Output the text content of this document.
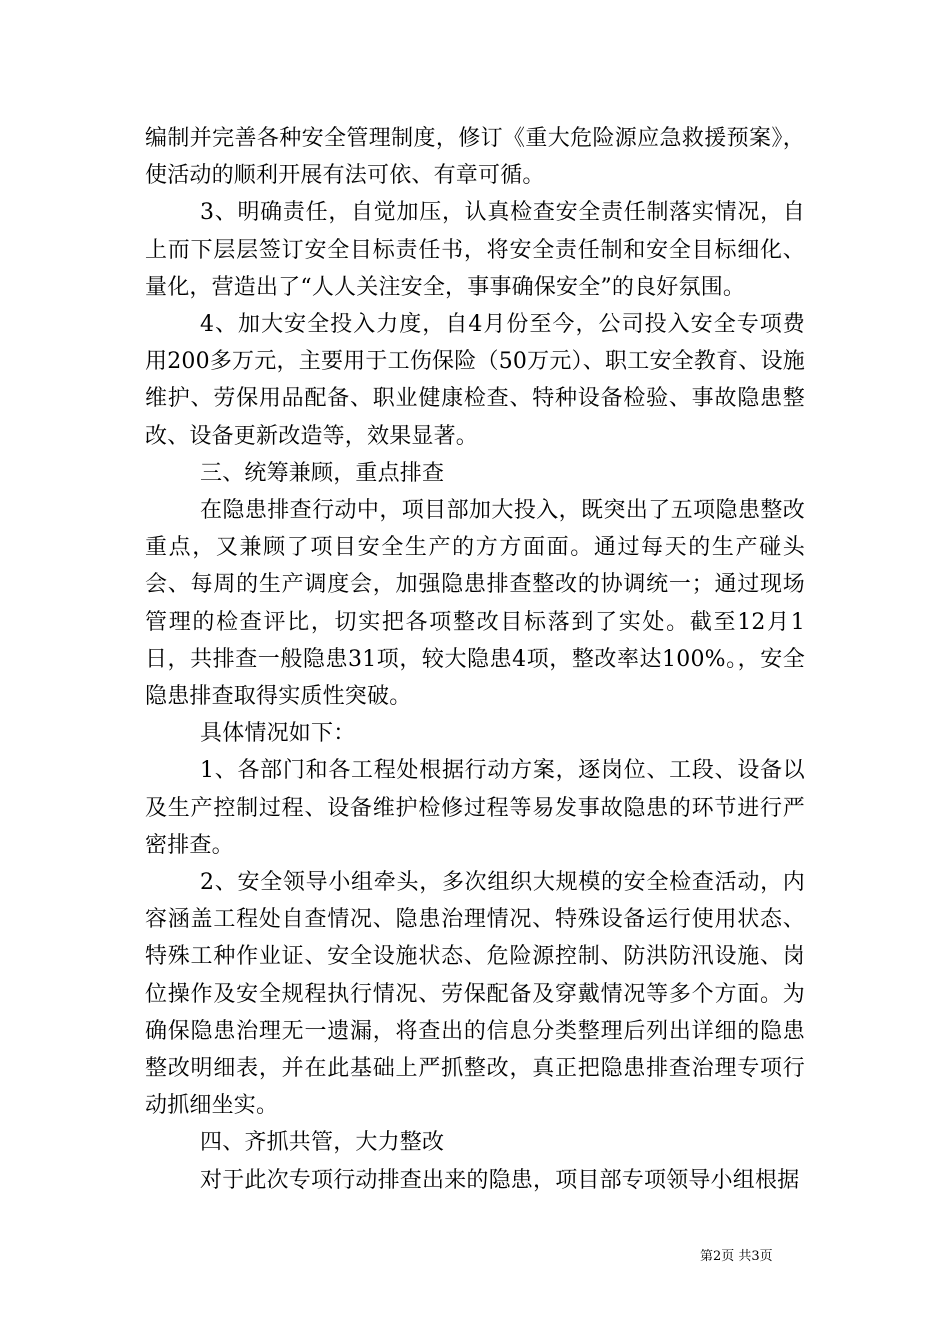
编制并完善各种安全管理制度，修订《重大危险源应急救援预案》，使活动的顺利开展有法可依、有章可循。

3、明确责任，自觉加压，认真检查安全责任制落实情况，自上而下层层签订安全目标责任书，将安全责任制和安全目标细化、量化，营造出了“人人关注安全，事事确保安全”的良好氛围。

4、加大安全投入力度，自4月份至今，公司投入安全专项费用200多万元，主要用于工伤保险（50万元）、职工安全教育、设施维护、劳保用品配备、职业健康检查、特种设备检验、事故隐患整改、设备更新改造等，效果显著。

三、统筹兼顾，重点排查

在隐患排查行动中，项目部加大投入，既突出了五项隐患整改重点，又兼顾了项目安全生产的方方面面。通过每天的生产碰头会、每周的生产调度会，加强隐患排查整改的协调统一；通过现场管理的检查评比，切实把各项整改目标落到了实处。截至12月1日，共排查一般隐患31项，较大隐患4项，整改率达100%。，安全隐患排查取得实质性突破。

具体情况如下：

1、各部门和各工程处根据行动方案，逐岗位、工段、设备以及生产控制过程、设备维护检修过程等易发事故隐患的环节进行严密排查。

2、安全领导小组牵头，多次组织大规模的安全检查活动，内容涵盖工程处自查情况、隐患治理情况、特殊设备运行使用状态、特殊工种作业证、安全设施状态、危险源控制、防洪防汛设施、岗位操作及安全规程执行情况、劳保配备及穿戴情况等多个方面。为确保隐患治理无一遗漏，将查出的信息分类整理后列出详细的隐患整改明细表，并在此基础上严抓整改，真正把隐患排查治理专项行动抓细坐实。

四、齐抓共管，大力整改

对于此次专项行动排查出来的隐患，项目部专项领导小组根据

第2页 共3页
